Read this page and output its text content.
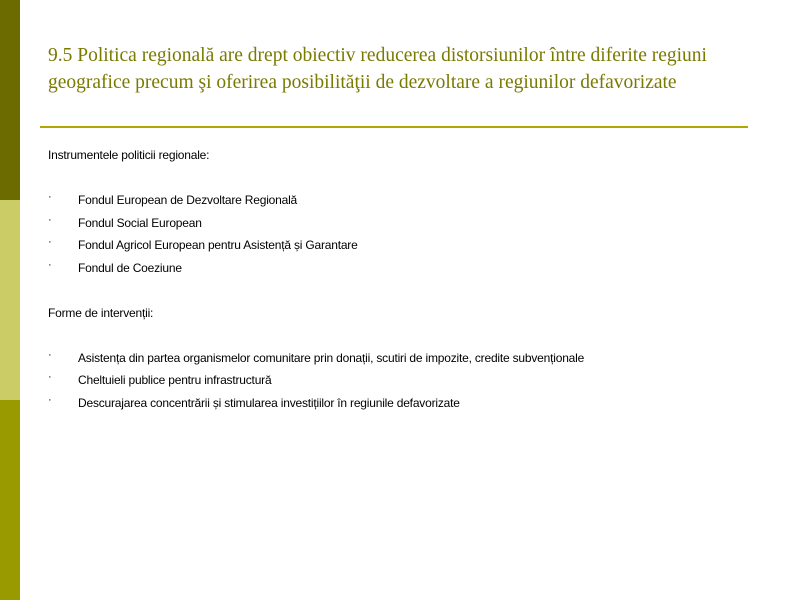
9.5 Politica regională are drept obiectiv reducerea distorsiunilor între diferite regiuni geografice precum şi oferirea posibilităţii de dezvoltare a regiunilor defavorizate

Instrumentele politicii regionale:

· Fondul European de Dezvoltare Regională
· Fondul Social European
· Fondul Agricol European pentru Asistență și Garantare
· Fondul de Coeziune

Forme de intervenții:

· Asistența din partea organismelor comunitare prin donații, scutiri de impozite, credite subvenționale
· Cheltuieli publice pentru infrastructură
· Descurajarea concentrării și stimularea investițiilor în regiunile defavorizate
